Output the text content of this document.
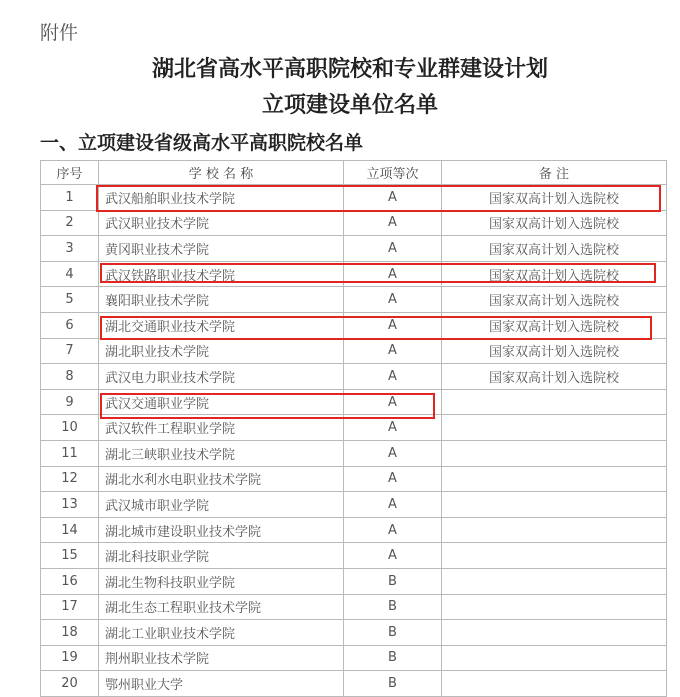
附件
湖北省高水平高职院校和专业群建设计划
立项建设单位名单
一、立项建设省级高水平高职院校名单
序号	学 校 名 称	立项等次	备 注
1	武汉船舶职业技术学院	A	国家双高计划入选院校
2	武汉职业技术学院	A	国家双高计划入选院校
3	黄冈职业技术学院	A	国家双高计划入选院校
4	武汉铁路职业技术学院	A	国家双高计划入选院校
5	襄阳职业技术学院	A	国家双高计划入选院校
6	湖北交通职业技术学院	A	国家双高计划入选院校
7	湖北职业技术学院	A	国家双高计划入选院校
8	武汉电力职业技术学院	A	国家双高计划入选院校
9	武汉交通职业学院	A	
10	武汉软件工程职业学院	A	
11	湖北三峡职业技术学院	A	
12	湖北水利水电职业技术学院	A	
13	武汉城市职业学院	A	
14	湖北城市建设职业技术学院	A	
15	湖北科技职业学院	A	
16	湖北生物科技职业学院	B	
17	湖北生态工程职业技术学院	B	
18	湖北工业职业技术学院	B	
19	荆州职业技术学院	B	
20	鄂州职业大学	B	
